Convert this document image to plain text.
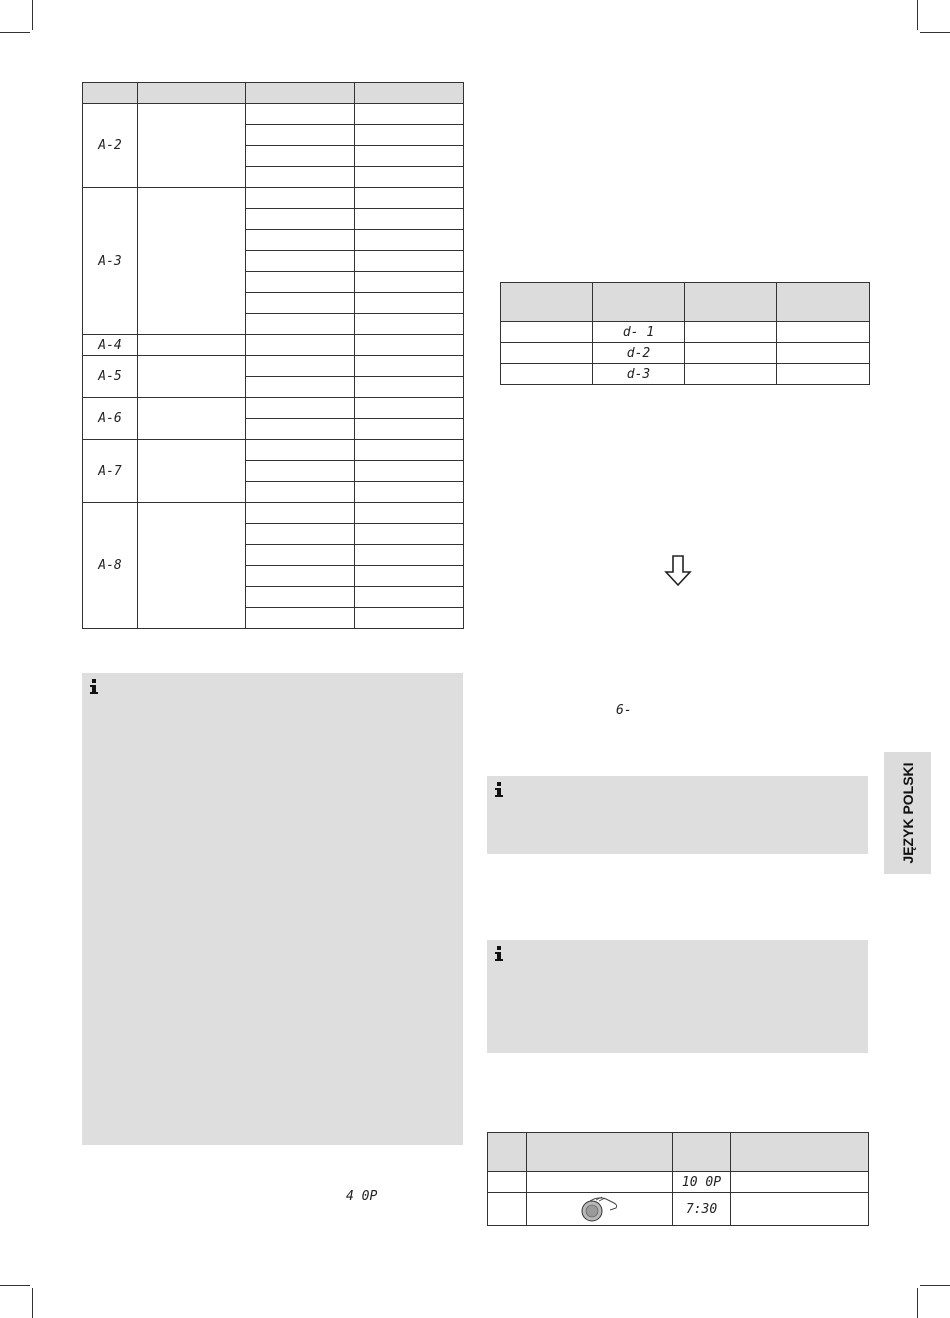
A-2			

A-3			

A-4			
A-5			

A-6			

A-7			

A-8			

4 0P

	d- 1		
	d-2		
	d-3		
6-

		10 0P	
		7:30	
JĘZYK POLSKI
